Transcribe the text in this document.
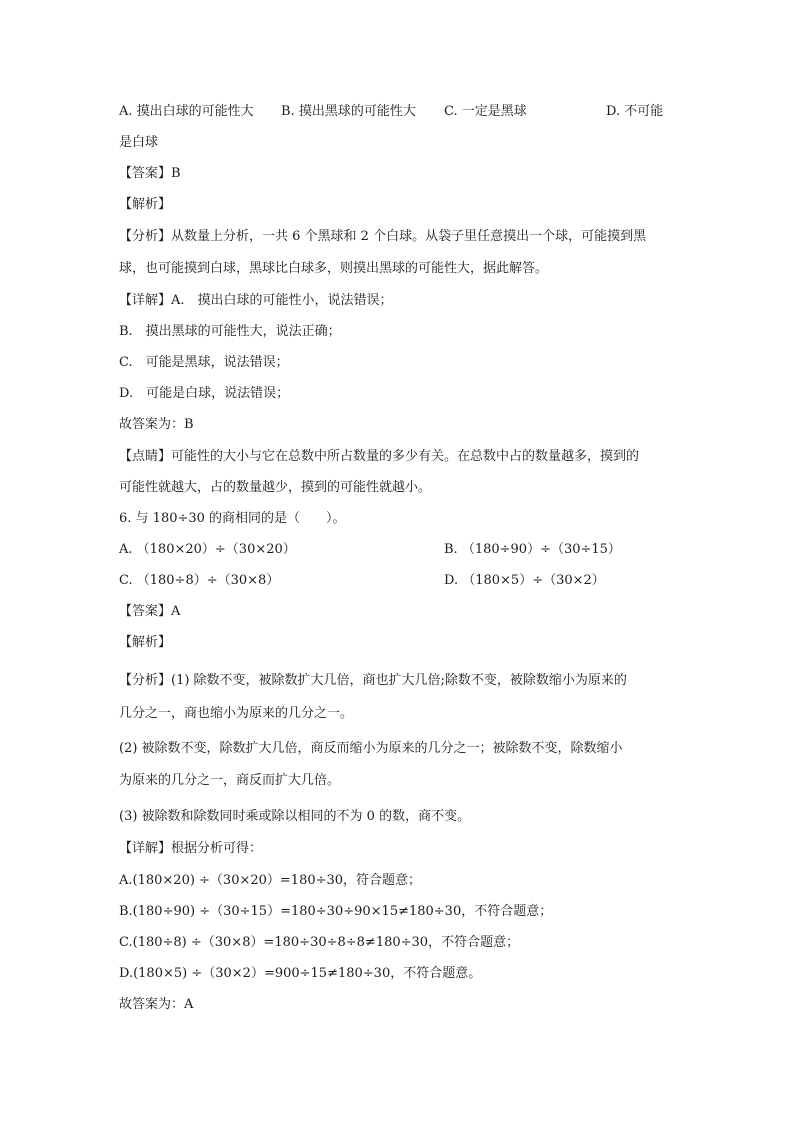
A. 摸出白球的可能性大 B. 摸出黑球的可能性大 C. 一定是黑球	D. 不可能
是白球
【答案】B
【解析】
【分析】从数量上分析，一共 6 个黑球和 2 个白球。从袋子里任意摸出一个球，可能摸到黑
球，也可能摸到白球，黑球比白球多，则摸出黑球的可能性大，据此解答。
【详解】A.　摸出白球的可能性小，说法错误；
B.　摸出黑球的可能性大，说法正确；
C.　可能是黑球，说法错误；
D.　可能是白球，说法错误；
故答案为：B
【点睛】可能性的大小与它在总数中所占数量的多少有关。在总数中占的数量越多，摸到的
可能性就越大，占的数量越少，摸到的可能性就越小。
6. 与 180÷30 的商相同的是（　　）。
A. （180×20）÷（30×20）	B. （180÷90）÷（30÷15）
C. （180÷8）÷（30×8）	D. （180×5）÷（30×2）
【答案】A
【解析】
【分析】(1) 除数不变，被除数扩大几倍，商也扩大几倍;除数不变，被除数缩小为原来的
几分之一，商也缩小为原来的几分之一。
(2) 被除数不变，除数扩大几倍，商反而缩小为原来的几分之一；被除数不变，除数缩小
为原来的几分之一，商反而扩大几倍。
(3) 被除数和除数同时乘或除以相同的不为 0 的数，商不变。
【详解】根据分析可得：
A.(180×20) ÷（30×20）=180÷30，符合题意；
B.(180÷90) ÷（30÷15）=180÷30÷90×15≠180÷30，不符合题意；
C.(180÷8) ÷（30×8）=180÷30÷8÷8≠180÷30，不符合题意；
D.(180×5) ÷（30×2）=900÷15≠180÷30，不符合题意。
故答案为：A
